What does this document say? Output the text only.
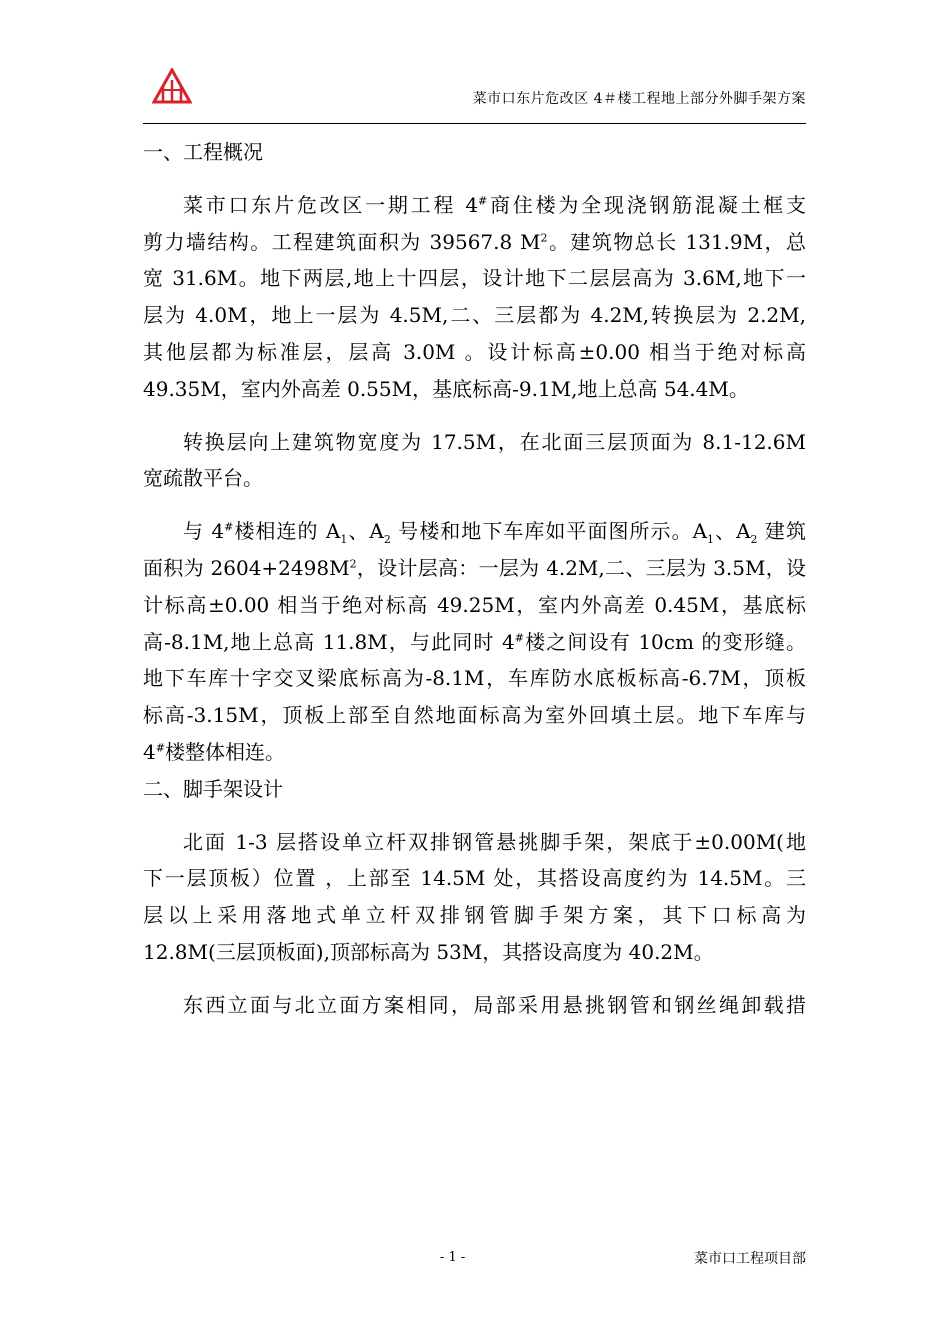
菜市口东片危改区 4＃楼工程地上部分外脚手架方案
一、工程概况
菜市口东片危改区一期工程 4#商住楼为全现浇钢筋混凝土框支
剪力墙结构。工程建筑面积为 39567.8 $M^2$。建筑物总长 131.9M，总
宽 31.6M。地下两层,地上十四层，设计地下二层层高为 3.6M,地下一
层为 4.0M，地上一层为 4.5M,二、三层都为 4.2M,转换层为 2.2M,
其他层都为标准层，层高 3.0M 。设计标高±0.00 相当于绝对标高
49.35M，室内外高差 0.55M，基底标高-9.1M,地上总高 54.4M。
转换层向上建筑物宽度为 17.5M，在北面三层顶面为 8.1-12.6M
宽疏散平台。
与 4#楼相连的 $A_1$、$A_2$ 号楼和地下车库如平面图所示。$A_1$、$A_2$ 建筑
面积为 $2604+2498M^2$，设计层高：一层为 4.2M,二、三层为 3.5M，设
计标高±0.00 相当于绝对标高 49.25M，室内外高差 0.45M，基底标
高-8.1M,地上总高 11.8M，与此同时 4#楼之间设有 10cm 的变形缝。
地下车库十字交叉梁底标高为-8.1M，车库防水底板标高-6.7M，顶板
标高-3.15M，顶板上部至自然地面标高为室外回填土层。地下车库与
4#楼整体相连。
二、脚手架设计
北面 1-3 层搭设单立杆双排钢管悬挑脚手架，架底于±0.00M(地
下一层顶板）位置 ，上部至 14.5M 处，其搭设高度约为 14.5M。三
层以上采用落地式单立杆双排钢管脚手架方案，其下口标高为
12.8M(三层顶板面),顶部标高为 53M，其搭设高度为 40.2M。
东西立面与北立面方案相同，局部采用悬挑钢管和钢丝绳卸载措
- 1 -	菜市口工程项目部
